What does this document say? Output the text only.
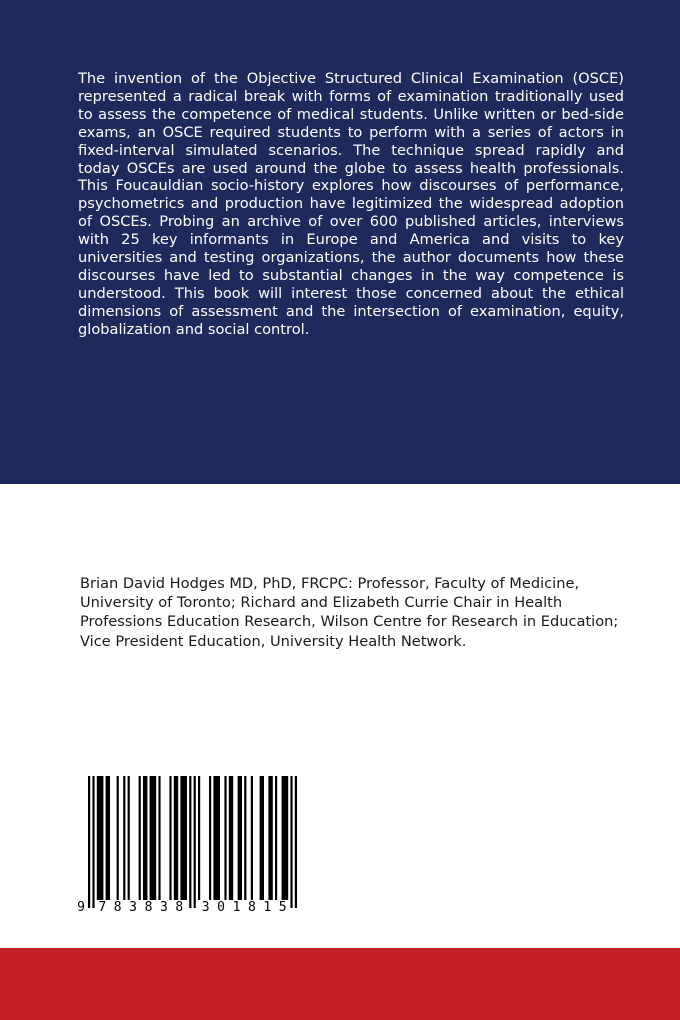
The invention of the Objective Structured Clinical Examination (OSCE) represented a radical break with forms of examination traditionally used to assess the competence of medical students. Unlike written or bed-side exams, an OSCE required students to perform with a series of actors in fixed-interval simulated scenarios. The technique spread rapidly and today OSCEs are used around the globe to assess health professionals. This Foucauldian socio-history explores how discourses of performance, psychometrics and production have legitimized the widespread adoption of OSCEs. Probing an archive of over 600 published articles, interviews with 25 key informants in Europe and America and visits to key universities and testing organizations, the author documents how these discourses have led to substantial changes in the way competence is understood. This book will interest those concerned about the ethical dimensions of assessment and the intersection of examination, equity, globalization and social control.

Brian David Hodges MD, PhD, FRCPC: Professor, Faculty of Medicine, University of Toronto; Richard and Elizabeth Currie Chair in Health Professions Education Research, Wilson Centre for Research in Education; Vice President Education, University Health Network.

9 7 8 3 8 3 8 3 0 1 8 1 5
